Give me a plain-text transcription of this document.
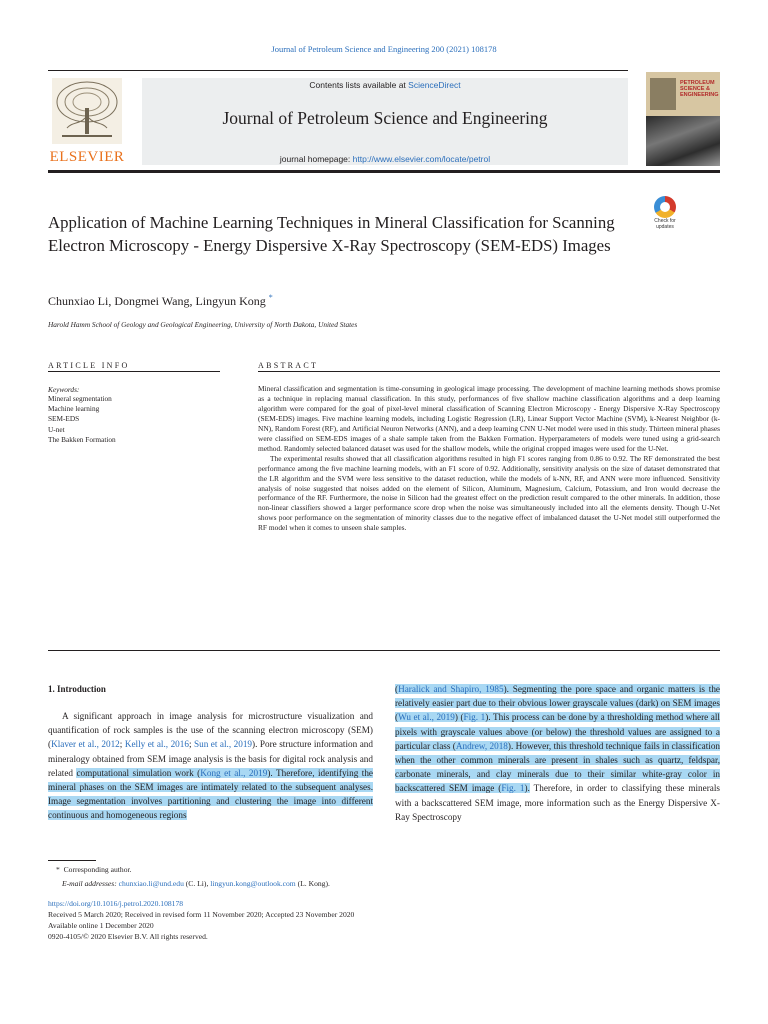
Journal of Petroleum Science and Engineering 200 (2021) 108178
ELSEVIER
Contents lists available at ScienceDirect
Journal of Petroleum Science and Engineering
journal homepage: http://www.elsevier.com/locate/petrol
PETROLEUM SCIENCE & ENGINEERING
Application of Machine Learning Techniques in Mineral Classification for Scanning Electron Microscopy - Energy Dispersive X-Ray Spectroscopy (SEM-EDS) Images
Check for updates
Chunxiao Li, Dongmei Wang, Lingyun Kong *
Harold Hamm School of Geology and Geological Engineering, University of North Dakota, United States
ARTICLE INFO	ABSTRACT
Keywords:
Mineral segmentation
Machine learning
SEM-EDS
U-net
The Bakken Formation

Mineral classification and segmentation is time-consuming in geological image processing. The development of machine learning methods shows promise as a technique in replacing manual classification. In this study, performances of five shallow machine classification algorithms and a deep learning algorithm were compared for the goal of pixel-level mineral classification of Scanning Electron Microscopy - Energy Dispersive X-Ray Spectroscopy (SEM-EDS) images. Five machine learning models, including Logistic Regression (LR), Linear Support Vector Machine (SVM), k-Nearest Neighbor (k-NN), Random Forest (RF), and Artificial Neuron Networks (ANN), and a deep learning CNN U-Net model were used in this study. Thirteen mineral phases were classified on SEM-EDS images of a shale sample taken from the Bakken Formation. Hyperparameters of models were tuned using a grid-search method. Randomly selected balanced dataset was used for the shallow models, while the original cropped images were used for the U-Net.

The experimental results showed that all classification algorithms resulted in high F1 scores ranging from 0.86 to 0.92. The RF demonstrated the best performance among the five machine learning models, with an F1 score of 0.92. Additionally, sensitivity analysis on the size of dataset demonstrated that the LR algorithm and the SVM were less sensitive to the dataset reduction, while the models of k-NN, RF, and ANN were more influenced. Sensitivity analysis of noise suggested that noises added on the element of Silicon, Aluminum, Magnesium, Calcium, Potassium, and Iron would decrease the performance of the RF. Furthermore, the noise in Silicon had the greatest effect on the prediction result compared to the other minerals. In addition, those non-linear classifiers showed a larger performance score drop when the noise was simultaneously included into all the elements density. Though U-Net shows poor performance on the segmentation of minority classes due to the negative effect of imbalanced dataset the U-Net model still outperformed the RF model when it comes to unseen shale samples.

1. Introduction
A significant approach in image analysis for microstructure visualization and quantification of rock samples is the use of the scanning electron microscopy (SEM) (Klaver et al., 2012; Kelly et al., 2016; Sun et al., 2019). Pore structure information and mineralogy obtained from SEM image analysis is the basis for digital rock analysis and related computational simulation work (Kong et al., 2019). Therefore, identifying the mineral phases on the SEM images are intimately related to the subsequent analyses. Image segmentation involves partitioning and clustering the image into different continuous and homogeneous regions
(Haralick and Shapiro, 1985). Segmenting the pore space and organic matters is the relatively easier part due to their obvious lower grayscale values (dark) on SEM images (Wu et al., 2019) (Fig. 1). This process can be done by a thresholding method where all pixels with grayscale values above (or below) the threshold values are assigned to a particular class (Andrew, 2018). However, this threshold technique fails in classification when the other common minerals are present in shales such as quartz, feldspar, carbonate minerals, and clay minerals due to their similar white-gray color in backscattered SEM image (Fig. 1). Therefore, in order to classifying these minerals with a backscattered SEM image, more information such as the Energy Dispersive X-Ray Spectroscopy
* Corresponding author.
E-mail addresses: chunxiao.li@und.edu (C. Li), lingyun.kong@outlook.com (L. Kong).
https://doi.org/10.1016/j.petrol.2020.108178
Received 5 March 2020; Received in revised form 11 November 2020; Accepted 23 November 2020
Available online 1 December 2020
0920-4105/© 2020 Elsevier B.V. All rights reserved.
